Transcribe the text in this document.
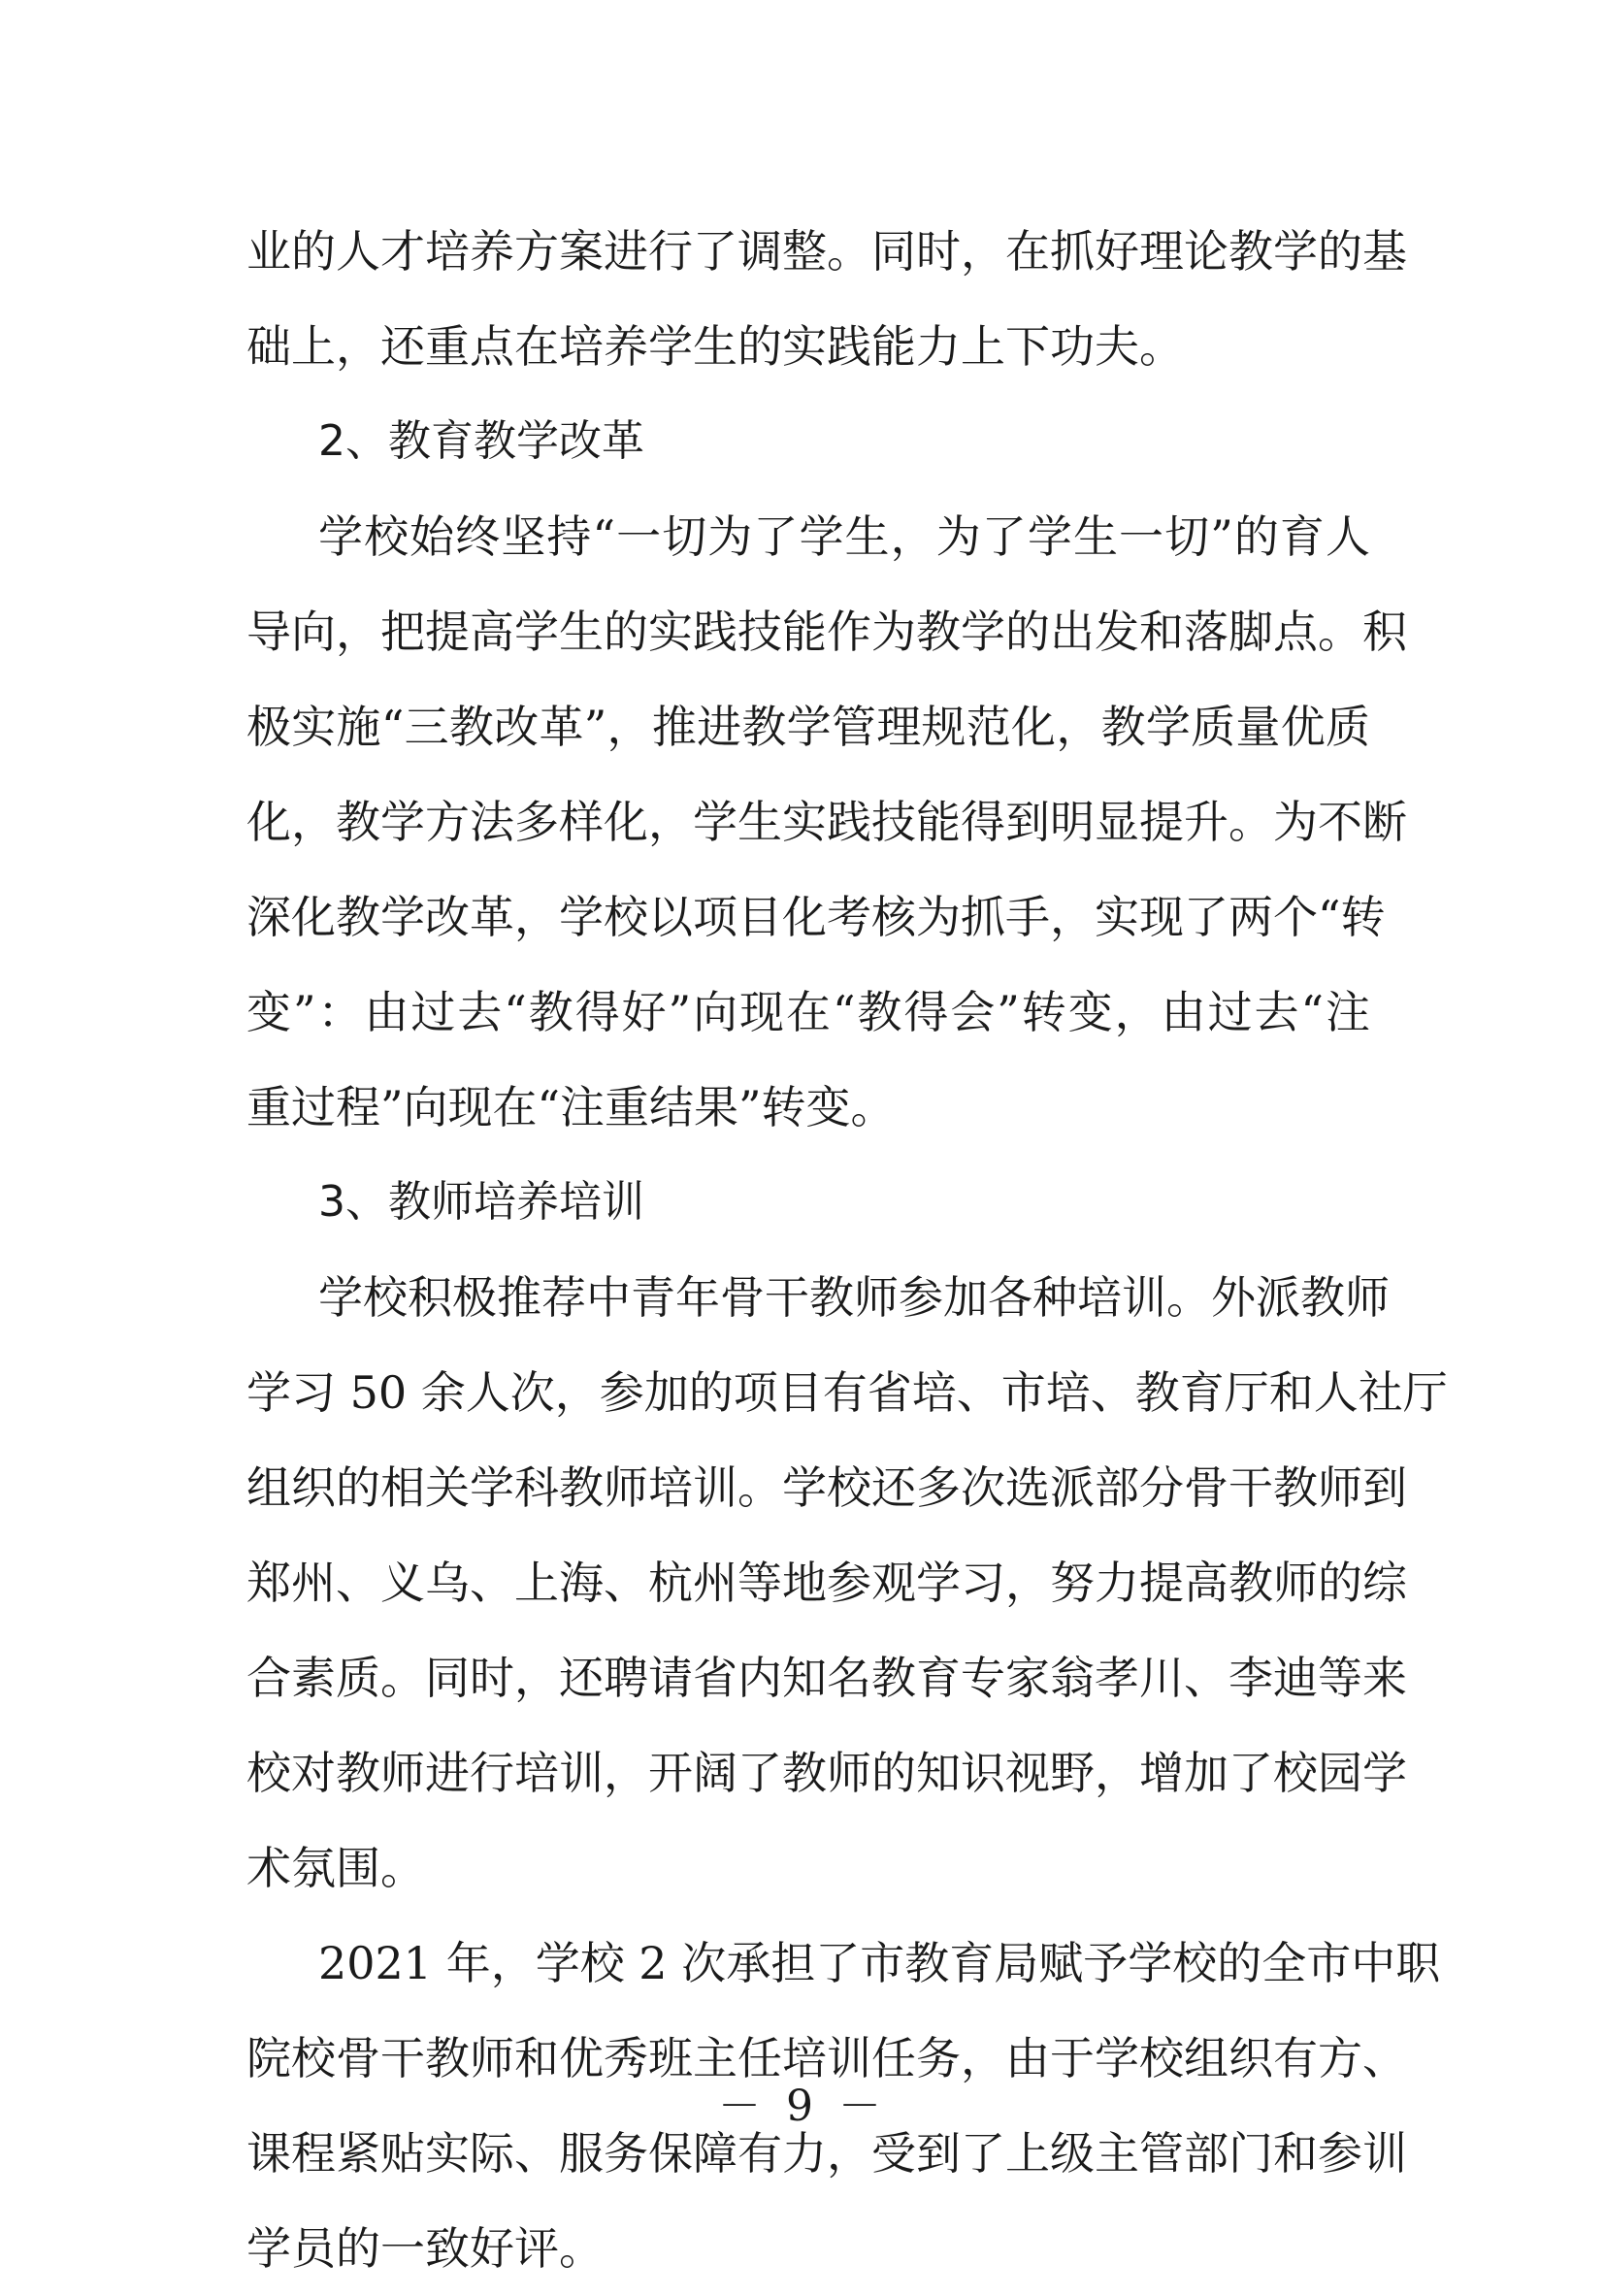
业的人才培养方案进行了调整。同时，在抓好理论教学的基
础上，还重点在培养学生的实践能力上下功夫。
2、教育教学改革
学校始终坚持“一切为了学生，为了学生一切”的育人
导向，把提高学生的实践技能作为教学的出发和落脚点。积
极实施“三教改革”，推进教学管理规范化，教学质量优质
化，教学方法多样化，学生实践技能得到明显提升。为不断
深化教学改革，学校以项目化考核为抓手，实现了两个“转
变”：由过去“教得好”向现在“教得会”转变，由过去“注
重过程”向现在“注重结果”转变。
3、教师培养培训
学校积极推荐中青年骨干教师参加各种培训。外派教师
学习 50 余人次，参加的项目有省培、市培、教育厅和人社厅
组织的相关学科教师培训。学校还多次选派部分骨干教师到
郑州、义乌、上海、杭州等地参观学习，努力提高教师的综
合素质。同时，还聘请省内知名教育专家翁孝川、李迪等来
校对教师进行培训，开阔了教师的知识视野，增加了校园学
术氛围。
2021 年，学校 2 次承担了市教育局赋予学校的全市中职
院校骨干教师和优秀班主任培训任务，由于学校组织有方、
课程紧贴实际、服务保障有力，受到了上级主管部门和参训
学员的一致好评。
－ 9 －
